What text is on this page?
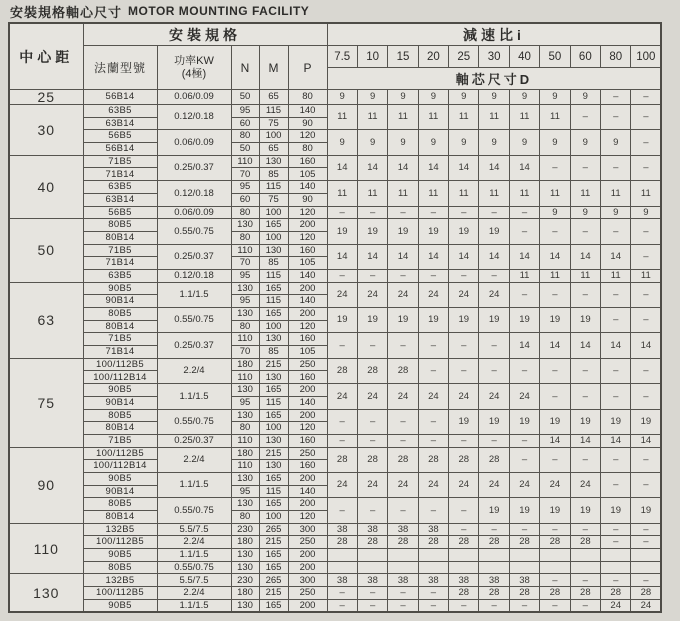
安裝規格軸心尺寸 MOTOR MOUNTING FACILITY
中心距	安裝規格					減速比i										
	法蘭型號	功率KW
(4極)	N	M	P	7.5	10	15	20	25	30	40	50	60	80	100
						軸芯尺寸D										
25	56B14	0.06/0.09	50	65	80	9	9	9	9	9	9	9	9	9	–	–
30	63B5	0.12/0.18	95	115	140	11	11	11	11	11	11	11	11	–	–	–
	63B14		60	75	90											
	56B5	0.06/0.09	80	100	120	9	9	9	9	9	9	9	9	9	9	–
	56B14		50	65	80											
40	71B5	0.25/0.37	110	130	160	14	14	14	14	14	14	14	–	–	–	–
	71B14		70	85	105											
	63B5	0.12/0.18	95	115	140	11	11	11	11	11	11	11	11	11	11	11
	63B14		60	75	90											
	56B5	0.06/0.09	80	100	120	–	–	–	–	–	–	–	9	9	9	9
50	80B5	0.55/0.75	130	165	200	19	19	19	19	19	19	–	–	–	–	–
	80B14		80	100	120											
	71B5	0.25/0.37	110	130	160	14	14	14	14	14	14	14	14	14	14	–
	71B14		70	85	105											
	63B5	0.12/0.18	95	115	140	–	–	–	–	–	–	11	11	11	11	11
63	90B5	1.1/1.5	130	165	200	24	24	24	24	24	24	–	–	–	–	–
	90B14		95	115	140											
	80B5	0.55/0.75	130	165	200	19	19	19	19	19	19	19	19	19	–	–
	80B14		80	100	120											
	71B5	0.25/0.37	110	130	160	–	–	–	–	–	–	14	14	14	14	14
	71B14		70	85	105											
75	100/112B5	2.2/4	180	215	250	28	28	28	–	–	–	–	–	–	–	–
	100/112B14		110	130	160											
	90B5	1.1/1.5	130	165	200	24	24	24	24	24	24	24	–	–	–	–
	90B14		95	115	140											
	80B5	0.55/0.75	130	165	200	–	–	–	–	19	19	19	19	19	19	19
	80B14		80	100	120											
	71B5	0.25/0.37	110	130	160	–	–	–	–	–	–	–	14	14	14	14
90	100/112B5	2.2/4	180	215	250	28	28	28	28	28	28	–	–	–	–	–
	100/112B14		110	130	160											
	90B5	1.1/1.5	130	165	200	24	24	24	24	24	24	24	24	24	–	–
	90B14		95	115	140											
	80B5	0.55/0.75	130	165	200	–	–	–	–	–	19	19	19	19	19	19
	80B14		80	100	120											
110	132B5	5.5/7.5	230	265	300	38	38	38	38	–	–	–	–	–	–	–
	100/112B5	2.2/4	180	215	250	28	28	28	28	28	28	28	28	28	–	–
	90B5	1.1/1.5	130	165	200											
	80B5	0.55/0.75	130	165	200											
130	132B5	5.5/7.5	230	265	300	38	38	38	38	38	38	38	–	–	–	–
	100/112B5	2.2/4	180	215	250	–	–	–	–	28	28	28	28	28	28	28
	90B5	1.1/1.5	130	165	200	–	–	–	–	–	–	–	–	–	24	24
